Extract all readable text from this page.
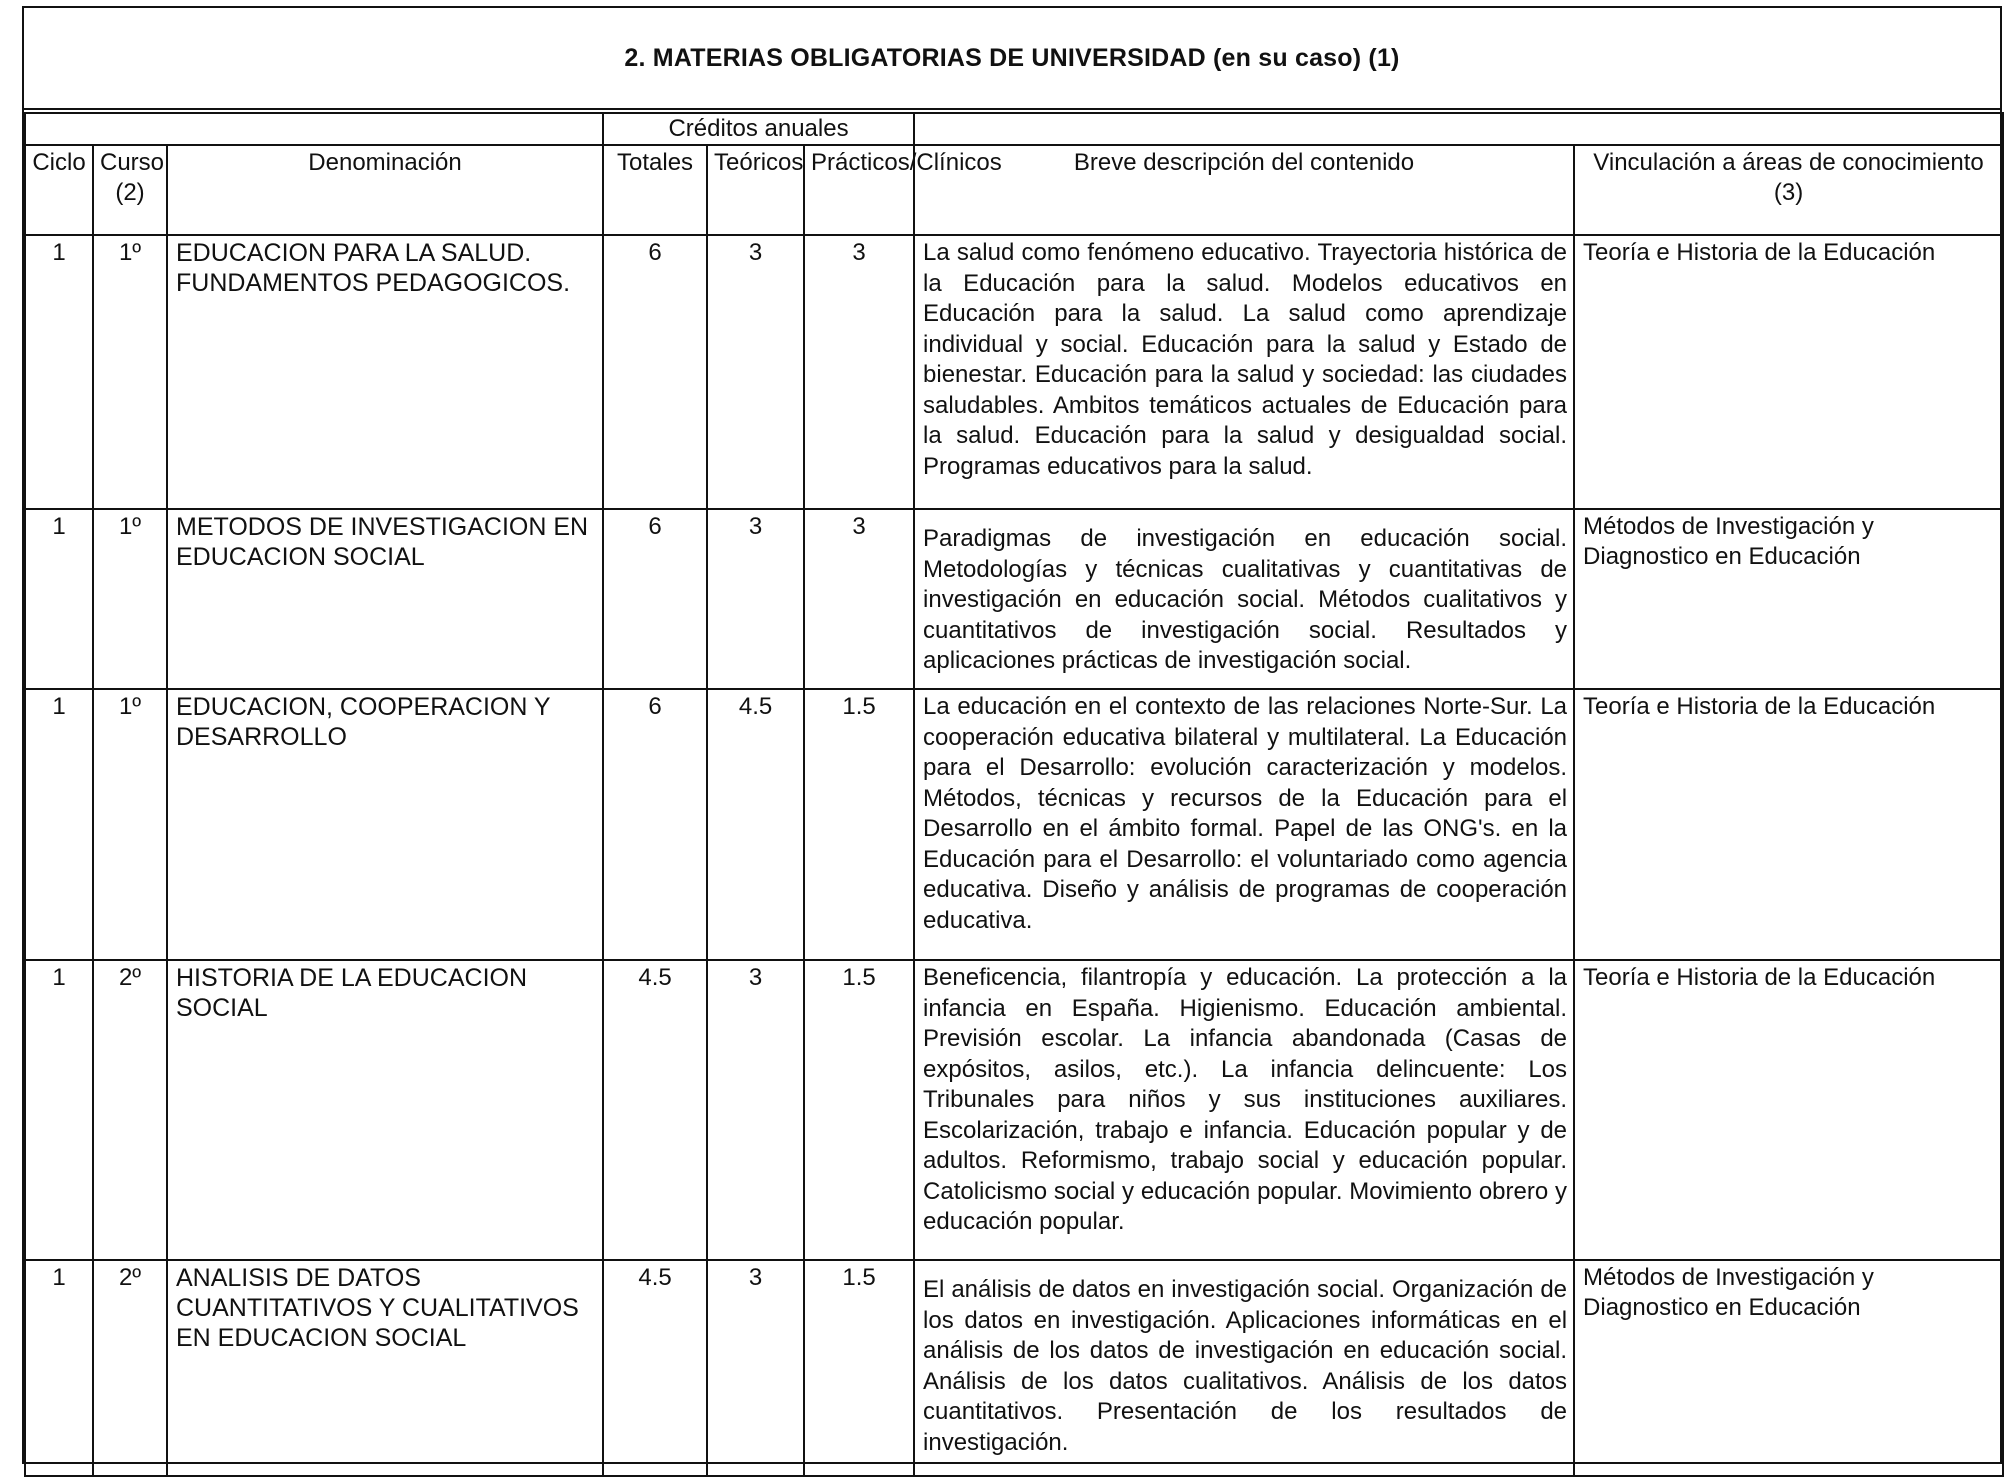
2. MATERIAS OBLIGATORIAS DE UNIVERSIDAD (en su caso) (1)
			Créditos anuales				
Ciclo	Curso (2)	Denominación	Totales	Teóricos	Prácticos/Clínicos	Breve descripción del contenido	Vinculación a áreas de conocimiento (3)
1	1º	EDUCACION PARA LA SALUD. FUNDAMENTOS PEDAGOGICOS.	6	3	3	La salud como fenómeno educativo. Trayectoria histórica de la Educación para la salud. Modelos educativos en Educación para la salud. La salud como aprendizaje individual y social. Educación para la salud y Estado de bienestar. Educación para la salud y sociedad: las ciudades saludables. Ambitos temáticos actuales de Educación para la salud. Educación para la salud y desigualdad social. Programas educativos para la salud.	Teoría e Historia de la Educación
1	1º	METODOS DE INVESTIGACION EN EDUCACION SOCIAL	6	3	3	Paradigmas de investigación en educación social. Metodologías y técnicas cualitativas y cuantitativas de investigación en educación social. Métodos cualitativos y cuantitativos de investigación social. Resultados y aplicaciones prácticas de investigación social.	Métodos de Investigación y Diagnostico en Educación
1	1º	EDUCACION, COOPERACION Y DESARROLLO	6	4.5	1.5	La educación en el contexto de las relaciones Norte-Sur. La cooperación educativa bilateral y multilateral. La Educación para el Desarrollo: evolución caracterización y modelos. Métodos, técnicas y recursos de la Educación para el Desarrollo en el ámbito formal. Papel de las ONG's. en la Educación para el Desarrollo: el voluntariado como agencia educativa. Diseño y análisis de programas de cooperación educativa.	Teoría e Historia de la Educación
1	2º	HISTORIA DE LA EDUCACION SOCIAL	4.5	3	1.5	Beneficencia, filantropía y educación. La protección a la infancia en España. Higienismo. Educación ambiental. Previsión escolar. La infancia abandonada (Casas de expósitos, asilos, etc.). La infancia delincuente: Los Tribunales para niños y sus instituciones auxiliares. Escolarización, trabajo e infancia. Educación popular y de adultos. Reformismo, trabajo social y educación popular. Catolicismo social y educación popular. Movimiento obrero y educación popular.	Teoría e Historia de la Educación
1	2º	ANALISIS DE DATOS CUANTITATIVOS Y CUALITATIVOS EN EDUCACION SOCIAL	4.5	3	1.5	El análisis de datos en investigación social. Organización de los datos en investigación. Aplicaciones informáticas en el análisis de los datos de investigación en educación social. Análisis de los datos cualitativos. Análisis de los datos cuantitativos. Presentación de los resultados de investigación.	Métodos de Investigación y Diagnostico en Educación
